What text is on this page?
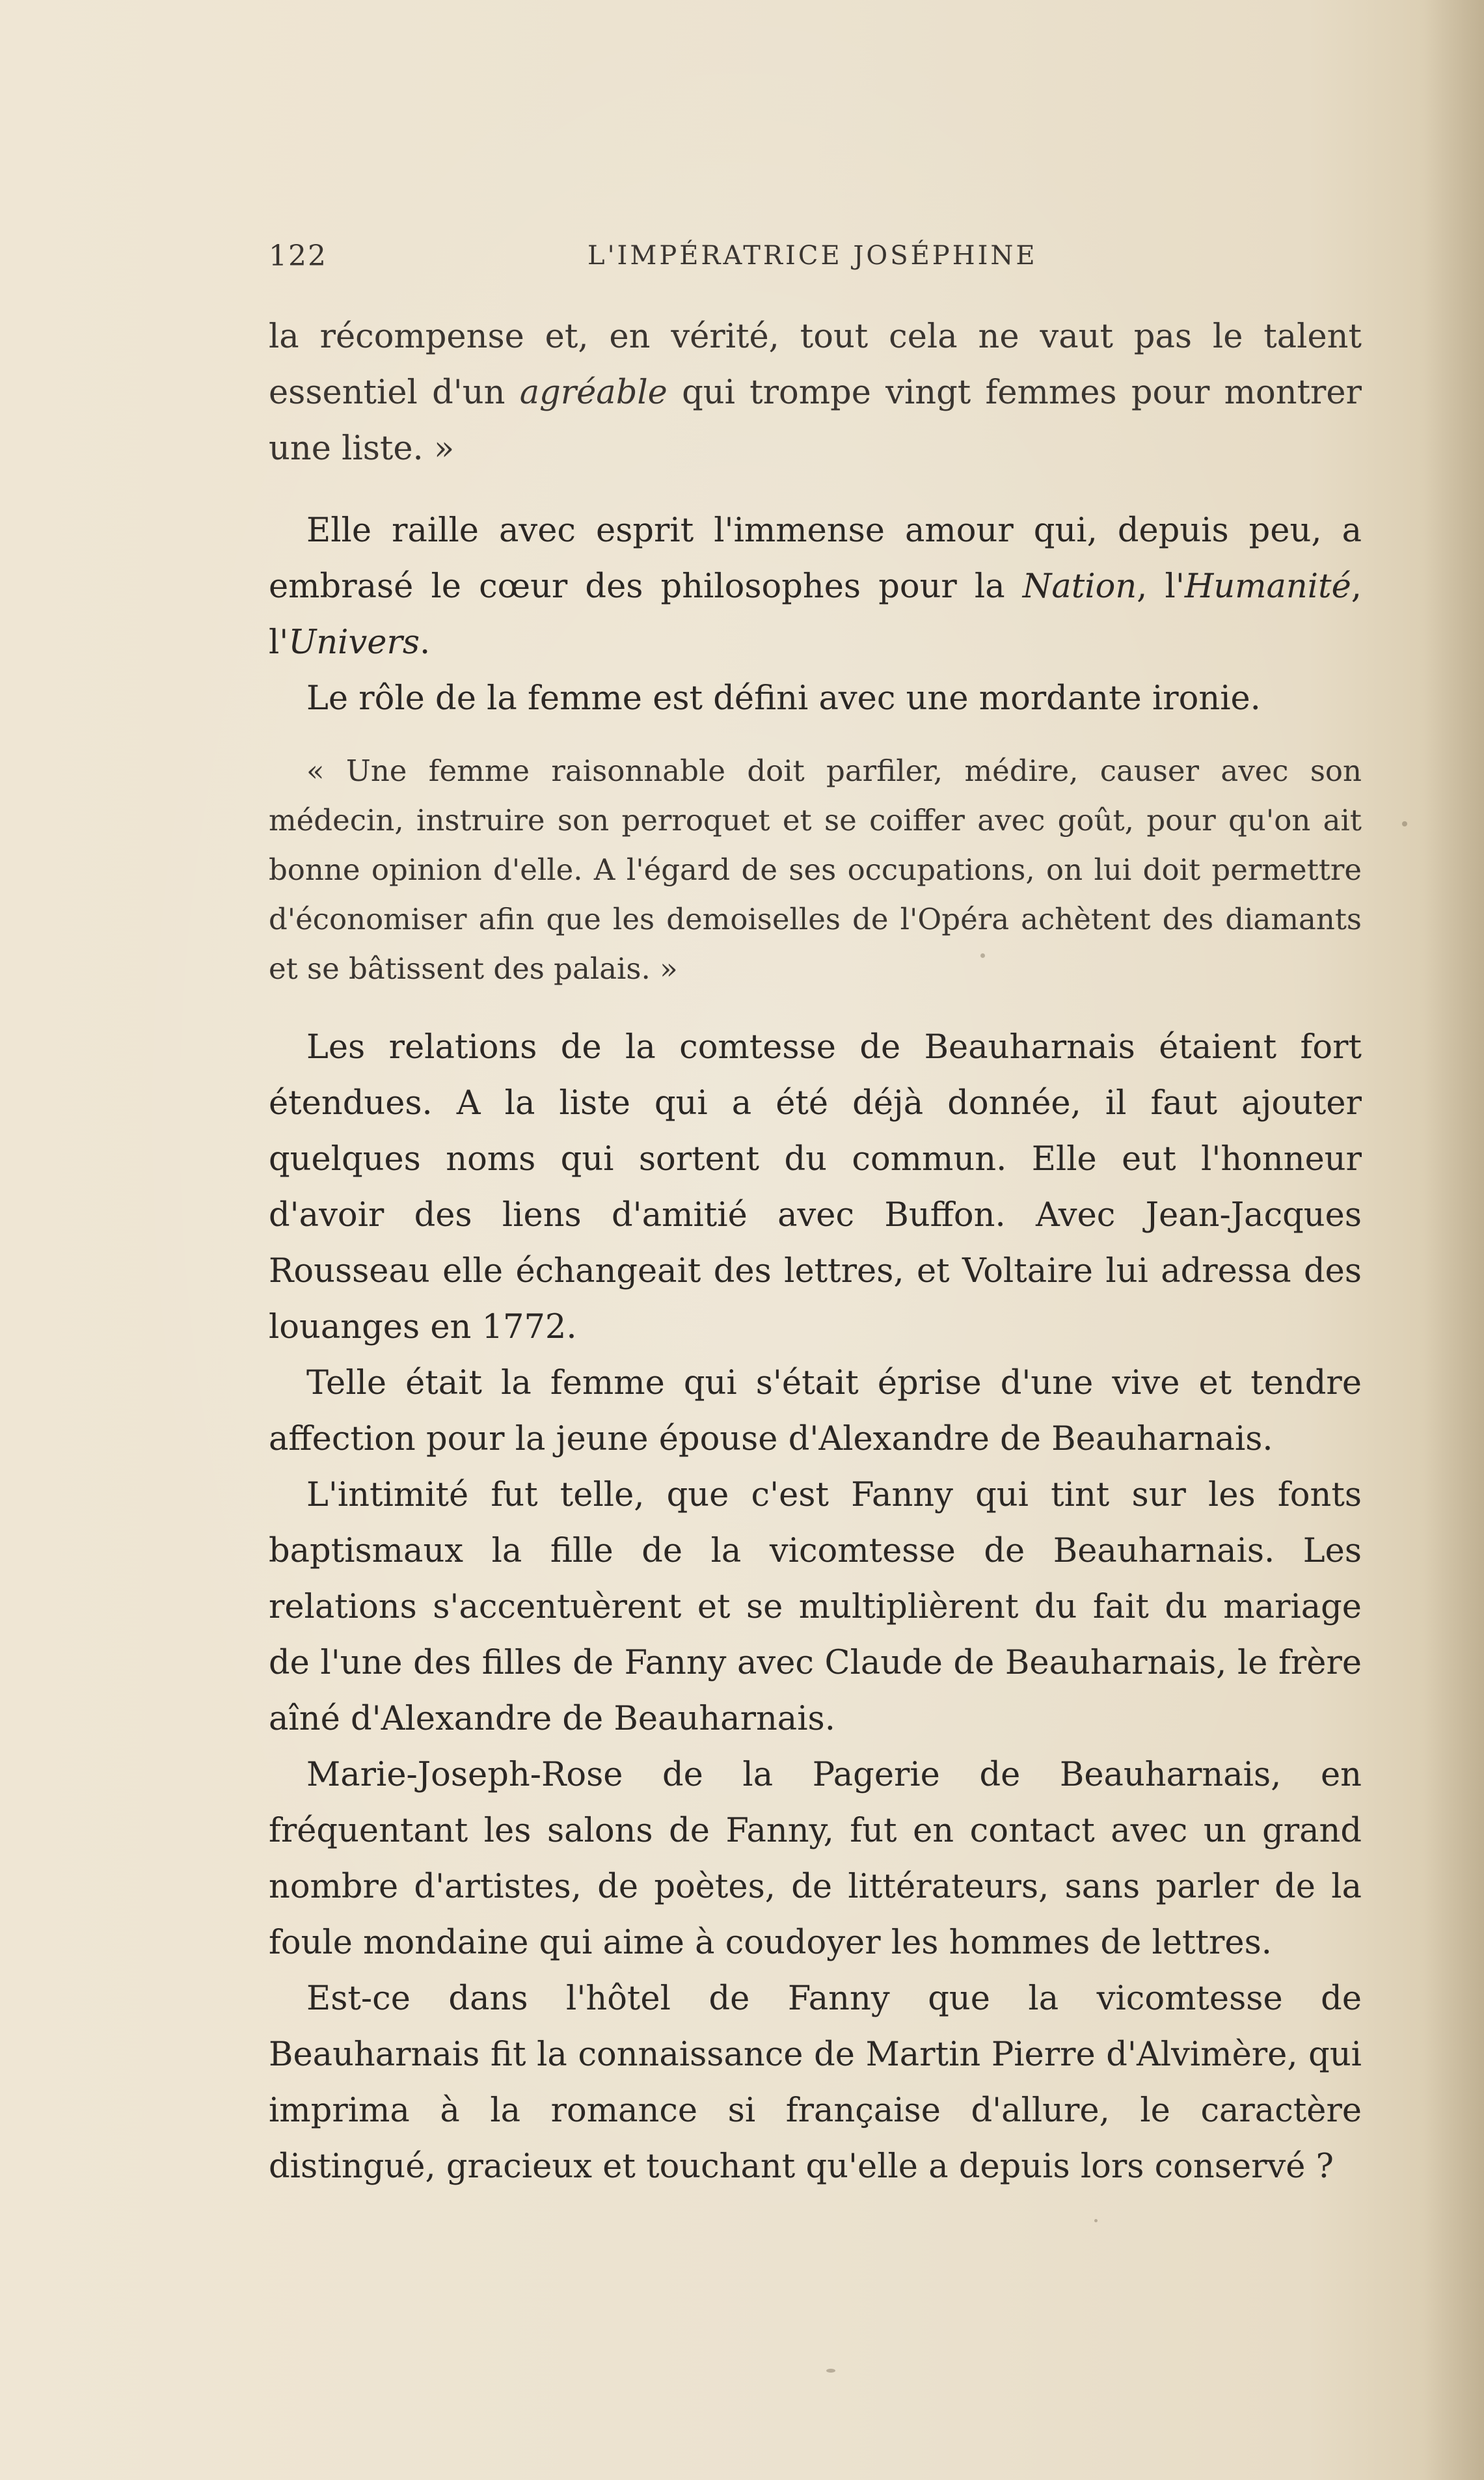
122	L'IMPÉRATRICE JOSÉPHINE

la récompense et, en vérité, tout cela ne vaut pas le talent essentiel d'un agréable qui trompe vingt femmes pour montrer une liste. »

Elle raille avec esprit l'immense amour qui, depuis peu, a embrasé le cœur des philosophes pour la Nation, l'Humanité, l'Univers.

Le rôle de la femme est défini avec une mordante ironie.

« Une femme raisonnable doit parfiler, médire, causer avec son médecin, instruire son perroquet et se coiffer avec goût, pour qu'on ait bonne opinion d'elle. A l'égard de ses occupations, on lui doit permettre d'économiser afin que les demoiselles de l'Opéra achètent des diamants et se bâtissent des palais. »

Les relations de la comtesse de Beauharnais étaient fort étendues. A la liste qui a été déjà donnée, il faut ajouter quelques noms qui sortent du commun. Elle eut l'honneur d'avoir des liens d'amitié avec Buffon. Avec Jean-Jacques Rousseau elle échangeait des lettres, et Voltaire lui adressa des louanges en 1772.

Telle était la femme qui s'était éprise d'une vive et tendre affection pour la jeune épouse d'Alexandre de Beauharnais.

L'intimité fut telle, que c'est Fanny qui tint sur les fonts baptismaux la fille de la vicomtesse de Beauharnais. Les relations s'accentuèrent et se multiplièrent du fait du mariage de l'une des filles de Fanny avec Claude de Beauharnais, le frère aîné d'Alexandre de Beauharnais.

Marie-Joseph-Rose de la Pagerie de Beauharnais, en fréquentant les salons de Fanny, fut en contact avec un grand nombre d'artistes, de poètes, de littérateurs, sans parler de la foule mondaine qui aime à coudoyer les hommes de lettres.

Est-ce dans l'hôtel de Fanny que la vicomtesse de Beauharnais fit la connaissance de Martin Pierre d'Alvimère, qui imprima à la romance si française d'allure, le caractère distingué, gracieux et touchant qu'elle a depuis lors conservé ?
